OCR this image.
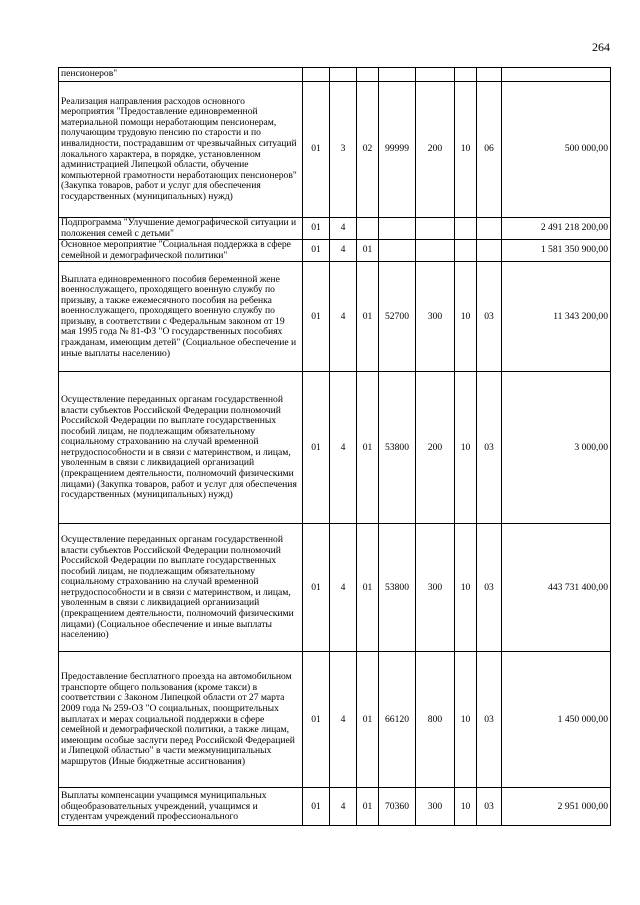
264
пенсионеров"								
Реализация направления расходов основного мероприятия "Предоставление единовременной материальной помощи неработающим пенсионерам, получающим трудовую пенсию по старости и по инвалидности, пострадавшим от чрезвычайных ситуаций локального характера, в порядке, установленном администрацией Липецкой области, обучение компьютерной грамотности неработающих пенсионеров" (Закупка товаров, работ и услуг для обеспечения государственных (муниципальных) нужд)	01	3	02	99999	200	10	06	500 000,00
Подпрограмма "Улучшение демографической ситуации и положения семей с детьми"	01	4						2 491 218 200,00
Основное мероприятие "Социальная поддержка в сфере семейной и демографической политики"	01	4	01					1 581 350 900,00
Выплата единовременного пособия беременной жене военнослужащего, проходящего военную службу по призыву, а также ежемесячного пособия на ребенка военнослужащего, проходящего военную службу по призыву, в соответствии с Федеральным законом от 19 мая 1995 года № 81-ФЗ "О государственных пособиях гражданам, имеющим детей" (Социальное обеспечение и иные выплаты населению)	01	4	01	52700	300	10	03	11 343 200,00
Осуществление переданных органам государственной власти субъектов Российской Федерации полномочий Российской Федерации по выплате государственных пособий лицам, не подлежащим обязательному социальному страхованию на случай временной нетрудоспособности и в связи с материнством, и лицам, уволенным в связи с ликвидацией организаций (прекращением деятельности, полномочий физическими лицами) (Закупка товаров, работ и услуг для обеспечения государственных (муниципальных) нужд)	01	4	01	53800	200	10	03	3 000,00
Осуществление переданных органам государственной власти субъектов Российской Федерации полномочий Российской Федерации по выплате государственных пособий лицам, не подлежащим обязательному социальному страхованию на случай временной нетрудоспособности и в связи с материнством, и лицам, уволенным в связи с ликвидацией органиизаций (прекращением деятельности, полномочий физическими лицами) (Социальное обеспечение и иные выплаты населению)	01	4	01	53800	300	10	03	443 731 400,00
Предоставление бесплатного проезда на автомобильном транспорте общего пользования (кроме такси) в соответствии с Законом Липецкой области от 27 марта 2009 года № 259-ОЗ "О социальных, поощрительных выплатах и мерах социальной поддержки в сфере семейной и демографической политики, а также лицам, имеющим особые заслуги перед Российской Федерацией и Липецкой областью" в части межмуниципальных маршрутов (Иные бюджетные ассигнования)	01	4	01	66120	800	10	03	1 450 000,00
Выплаты компенсации учащимся муниципальных общеобразовательных учреждений, учащимся и студентам учреждений профессионального	01	4	01	70360	300	10	03	2 951 000,00
